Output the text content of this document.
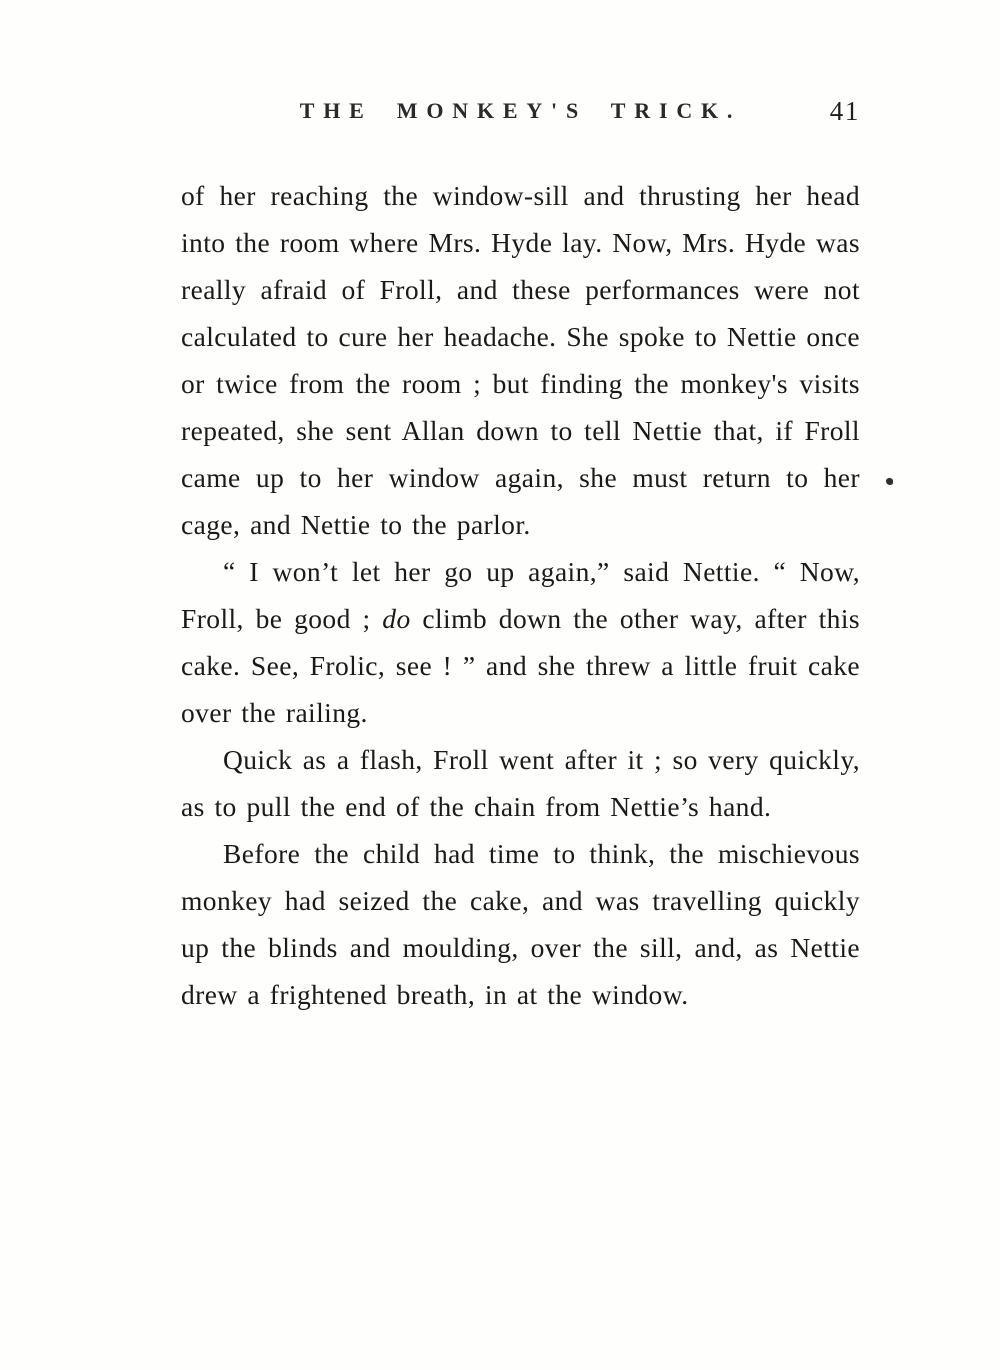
THE MONKEY'S TRICK.	41

of her reaching the window-sill and thrusting her head into the room where Mrs. Hyde lay. Now, Mrs. Hyde was really afraid of Froll, and these performances were not calculated to cure her headache. She spoke to Nettie once or twice from the room ; but finding the monkey's visits repeated, she sent Allan down to tell Nettie that, if Froll came up to her window again, she must return to her cage, and Nettie to the parlor.

“ I won’t let her go up again,” said Nettie. “ Now, Froll, be good ; do climb down the other way, after this cake. See, Frolic, see ! ” and she threw a little fruit cake over the railing.

Quick as a flash, Froll went after it ; so very quickly, as to pull the end of the chain from Nettie’s hand.

Before the child had time to think, the mischievous monkey had seized the cake, and was travelling quickly up the blinds and moulding, over the sill, and, as Nettie drew a frightened breath, in at the window.
